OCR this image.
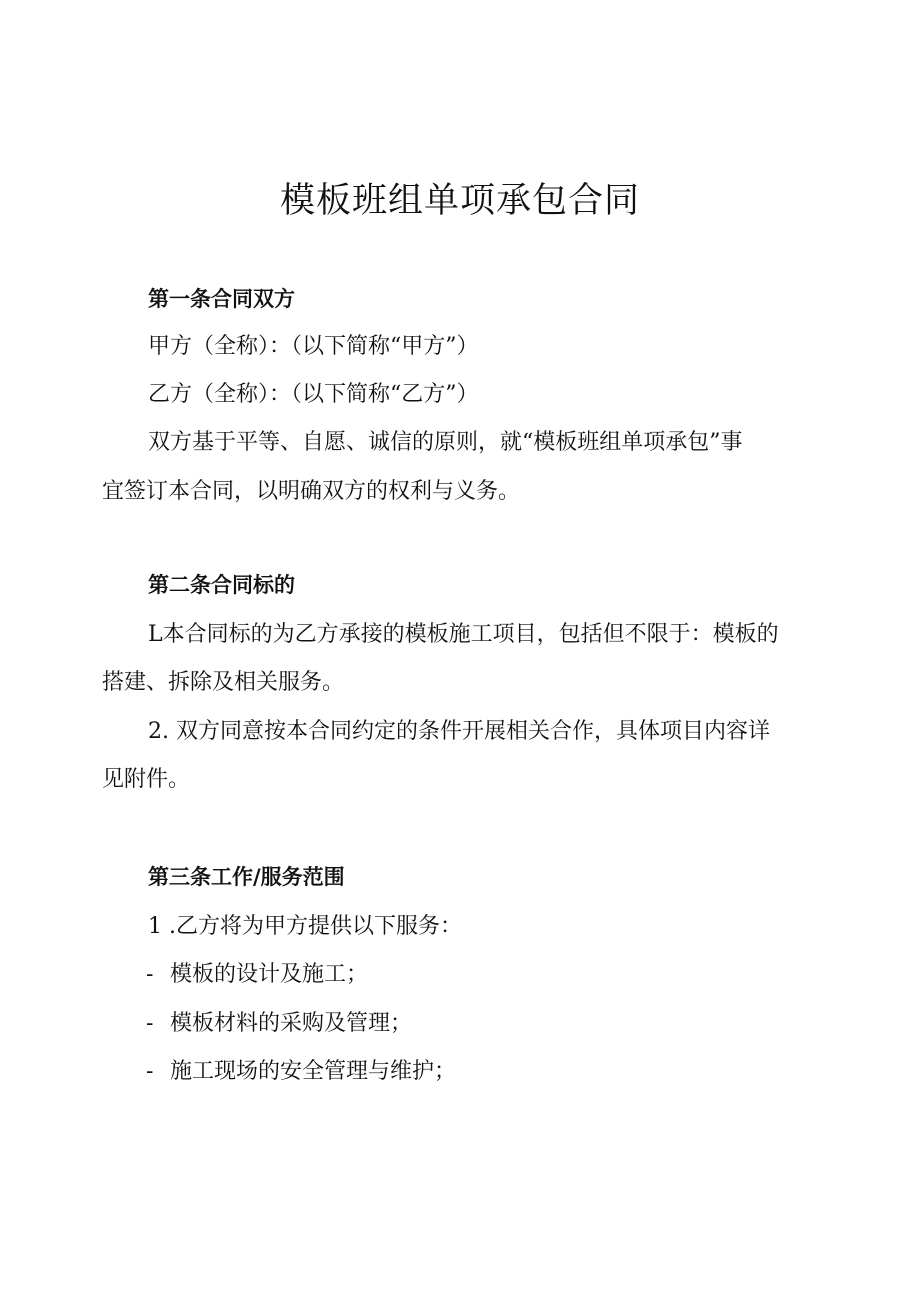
模板班组单项承包合同
第一条合同双方
甲方（全称）：（以下简称“甲方”）
乙方（全称）：（以下简称“乙方”）
双方基于平等、自愿、诚信的原则，就“模板班组单项承包”事
宜签订本合同，以明确双方的权利与义务。
第二条合同标的
L本合同标的为乙方承接的模板施工项目，包括但不限于：模板的
搭建、拆除及相关服务。
2. 双方同意按本合同约定的条件开展相关合作，具体项目内容详
见附件。
第三条工作/服务范围
1 .乙方将为甲方提供以下服务：
- 模板的设计及施工；
- 模板材料的采购及管理；
- 施工现场的安全管理与维护；
